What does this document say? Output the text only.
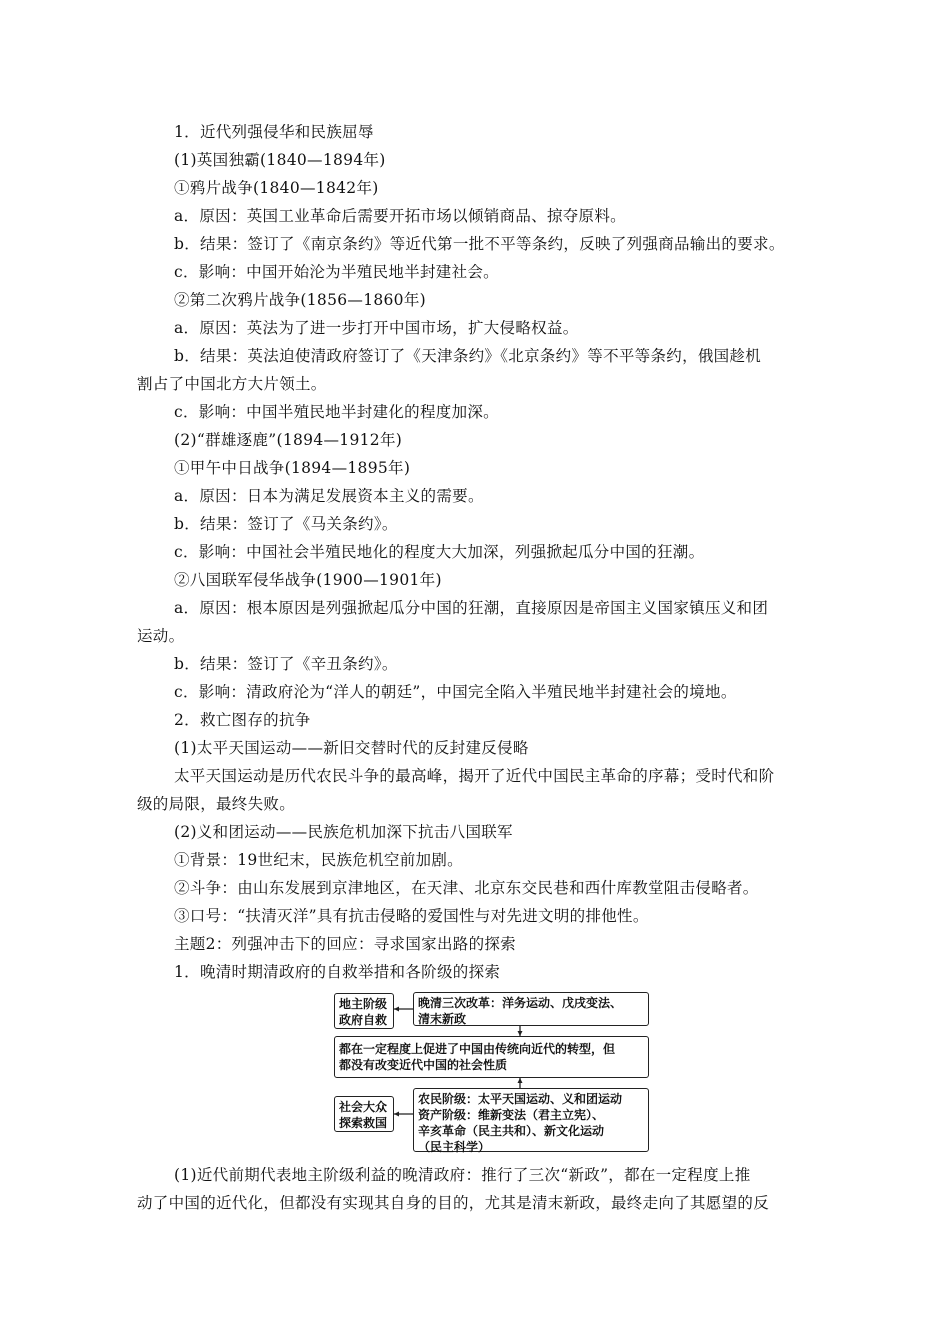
1．近代列强侵华和民族屈辱
(1)英国独霸(1840—1894年)
①鸦片战争(1840—1842年)
a．原因：英国工业革命后需要开拓市场以倾销商品、掠夺原料。
b．结果：签订了《南京条约》等近代第一批不平等条约，反映了列强商品输出的要求。
c．影响：中国开始沦为半殖民地半封建社会。
②第二次鸦片战争(1856—1860年)
a．原因：英法为了进一步打开中国市场，扩大侵略权益。
b．结果：英法迫使清政府签订了《天津条约》《北京条约》等不平等条约，俄国趁机
割占了中国北方大片领土。
c．影响：中国半殖民地半封建化的程度加深。
(2)“群雄逐鹿”(1894—1912年)
①甲午中日战争(1894—1895年)
a．原因：日本为满足发展资本主义的需要。
b．结果：签订了《马关条约》。
c．影响：中国社会半殖民地化的程度大大加深，列强掀起瓜分中国的狂潮。
②八国联军侵华战争(1900—1901年)
a．原因：根本原因是列强掀起瓜分中国的狂潮，直接原因是帝国主义国家镇压义和团
运动。
b．结果：签订了《辛丑条约》。
c．影响：清政府沦为“洋人的朝廷”，中国完全陷入半殖民地半封建社会的境地。
2．救亡图存的抗争
(1)太平天国运动——新旧交替时代的反封建反侵略
太平天国运动是历代农民斗争的最高峰，揭开了近代中国民主革命的序幕；受时代和阶
级的局限，最终失败。
(2)义和团运动——民族危机加深下抗击八国联军
①背景：19世纪末，民族危机空前加剧。
②斗争：由山东发展到京津地区，在天津、北京东交民巷和西什库教堂阻击侵略者。
③口号：“扶清灭洋”具有抗击侵略的爱国性与对先进文明的排他性。
主题2：列强冲击下的回应：寻求国家出路的探索
1．晚清时期清政府的自救举措和各阶级的探索
地主阶级
政府自救
晚清三次改革：洋务运动、戊戌变法、
清末新政
都在一定程度上促进了中国由传统向近代的转型，但
都没有改变近代中国的社会性质
社会大众
探索救国
农民阶级：太平天国运动、义和团运动
资产阶级：维新变法（君主立宪）、
辛亥革命（民主共和）、新文化运动
（民主科学）
(1)近代前期代表地主阶级利益的晚清政府：推行了三次“新政”，都在一定程度上推
动了中国的近代化，但都没有实现其自身的目的，尤其是清末新政，最终走向了其愿望的反
